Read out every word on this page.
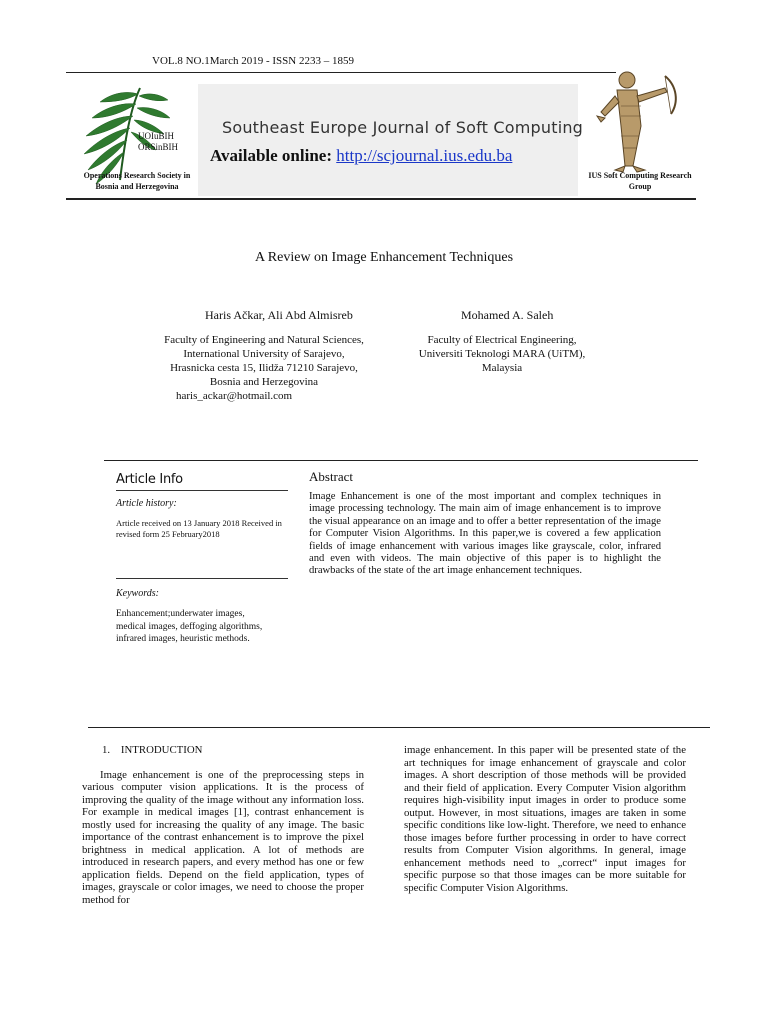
VOL.8 NO.1March 2019 - ISSN 2233 – 1859
Southeast Europe Journal of Soft Computing
Available online: http://scjournal.ius.edu.ba
UOIuBIH
ORSinBIH
Operations Research Society in Bosnia and Herzegovina
IUS Soft Computing Research Group
A Review on Image Enhancement Techniques
Haris Ačkar, Ali Abd Almisreb	Mohamed A. Saleh
Faculty of Engineering and Natural Sciences,
International University of Sarajevo,
Hrasnicka cesta 15, Ilidža 71210 Sarajevo,
Bosnia and Herzegovina
haris_ackar@hotmail.com
Faculty of Electrical Engineering,
Universiti Teknologi MARA (UiTM),
Malaysia
Article Info
Article history:
Article received on 13 January 2018 Received in revised form 25 February2018
Keywords:
Enhancement;underwater images, medical images, deffoging algorithms, infrared images, heuristic methods.
Abstract
Image Enhancement is one of the most important and complex techniques in image processing technology. The main aim of image enhancement is to improve the visual appearance on an image and to offer a better representation of the image for Computer Vision Algorithms. In this paper,we is covered a few application fields of image enhancement with various images like grayscale, color, infrared and even with videos. The main objective of this paper is to highlight the drawbacks of the state of the art image enhancement techniques.
1.    INTRODUCTION

Image enhancement is one of the preprocessing steps in various computer vision applications. It is the process of improving the quality of the image without any information loss. For example in medical images [1], contrast enhancement is mostly used for increasing the quality of any image. The basic importance of the contrast enhancement is to improve the pixel brightness in medical application. A lot of methods are introduced in research papers, and every method has one or few application fields. Depend on the field application, types of images, grayscale or color images, we need to choose the proper method for

image enhancement. In this paper will be presented state of the art techniques for image enhancement of grayscale and color images. A short description of those methods will be provided and their field of application. Every Computer Vision algorithm requires high-visibility input images in order to produce some output. However, in most situations, images are taken in some specific conditions like low-light. Therefore, we need to enhance those images before further processing in order to have correct results from Computer Vision algorithms. In general, image enhancement methods need to „correct“ input images for specific purpose so that those images can be more suitable for specific Computer Vision Algorithms.
